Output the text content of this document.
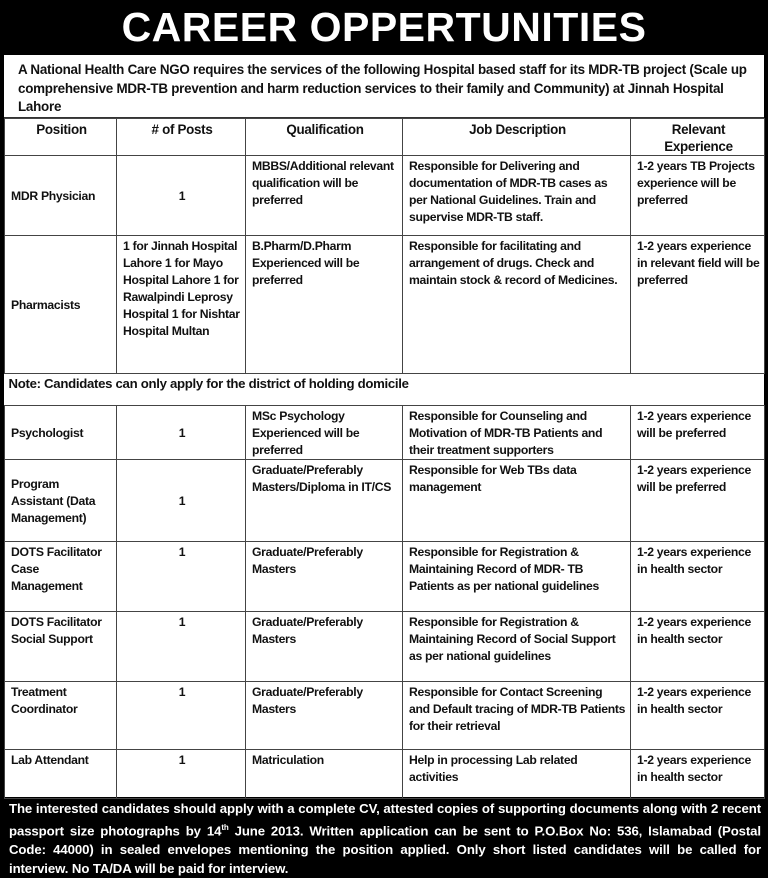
CAREER OPPERTUNITIES
A National Health Care NGO requires the services of the following Hospital based staff for its MDR-TB project (Scale up comprehensive MDR-TB prevention and harm reduction services to their family and Community) at Jinnah Hospital Lahore
Position	# of Posts	Qualification	Job Description	Relevant Experience
MDR Physician	1	MBBS/Additional relevant qualification will be preferred	Responsible for Delivering and documentation of MDR-TB cases as per National Guidelines. Train and supervise MDR-TB staff.	1-2 years TB Projects experience will be preferred
Pharmacists	1 for Jinnah Hospital Lahore 1 for Mayo Hospital Lahore 1 for Rawalpindi Leprosy Hospital 1 for Nishtar Hospital Multan	B.Pharm/D.Pharm Experienced will be preferred	Responsible for facilitating and arrangement of drugs. Check and maintain stock & record of Medicines.	1-2 years experience in relevant field will be preferred
Note: Candidates can only apply for the district of holding domicile				
Psychologist	1	MSc Psychology Experienced will be preferred	Responsible for Counseling and Motivation of MDR-TB Patients and their treatment supporters	1-2 years experience will be preferred
Program Assistant (Data Management)	1	Graduate/Preferably Masters/Diploma in IT/CS	Responsible for Web TBs data management	1-2 years experience will be preferred
DOTS Facilitator Case Management	1	Graduate/Preferably Masters	Responsible for Registration & Maintaining Record of MDR- TB Patients as per national guidelines	1-2 years experience in health sector
DOTS Facilitator Social Support	1	Graduate/Preferably Masters	Responsible for Registration & Maintaining Record of Social Support as per national guidelines	1-2 years experience in health sector
Treatment Coordinator	1	Graduate/Preferably Masters	Responsible for Contact Screening and Default tracing of MDR-TB Patients for their retrieval	1-2 years experience in health sector
Lab Attendant	1	Matriculation	Help in processing Lab related activities	1-2 years experience in health sector
The interested candidates should apply with a complete CV, attested copies of supporting documents along with 2 recent passport size photographs by 14th June 2013. Written application can be sent to P.O.Box No: 536, Islamabad (Postal Code: 44000) in sealed envelopes mentioning the position applied. Only short listed candidates will be called for interview. No TA/DA will be paid for interview.
